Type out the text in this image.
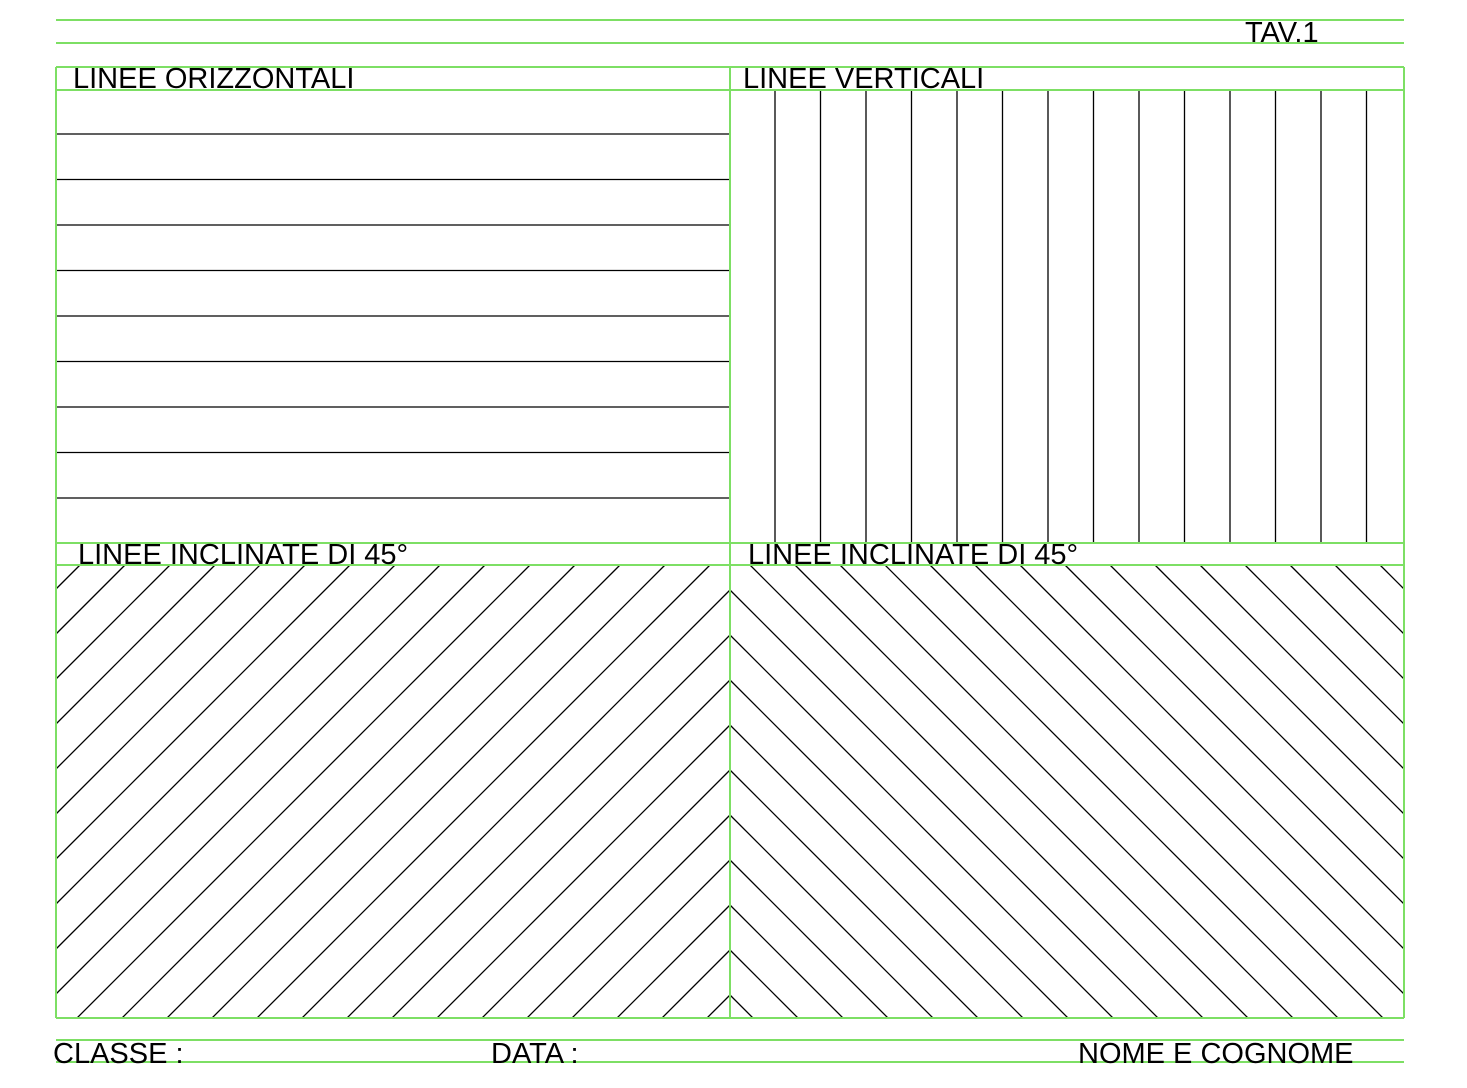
TAV.1
LINEE ORIZZONTALI	LINEE VERTICALI
LINEE INCLINATE DI 45°	LINEE INCLINATE DI 45°
CLASSE :	DATA :	NOME E COGNOME
